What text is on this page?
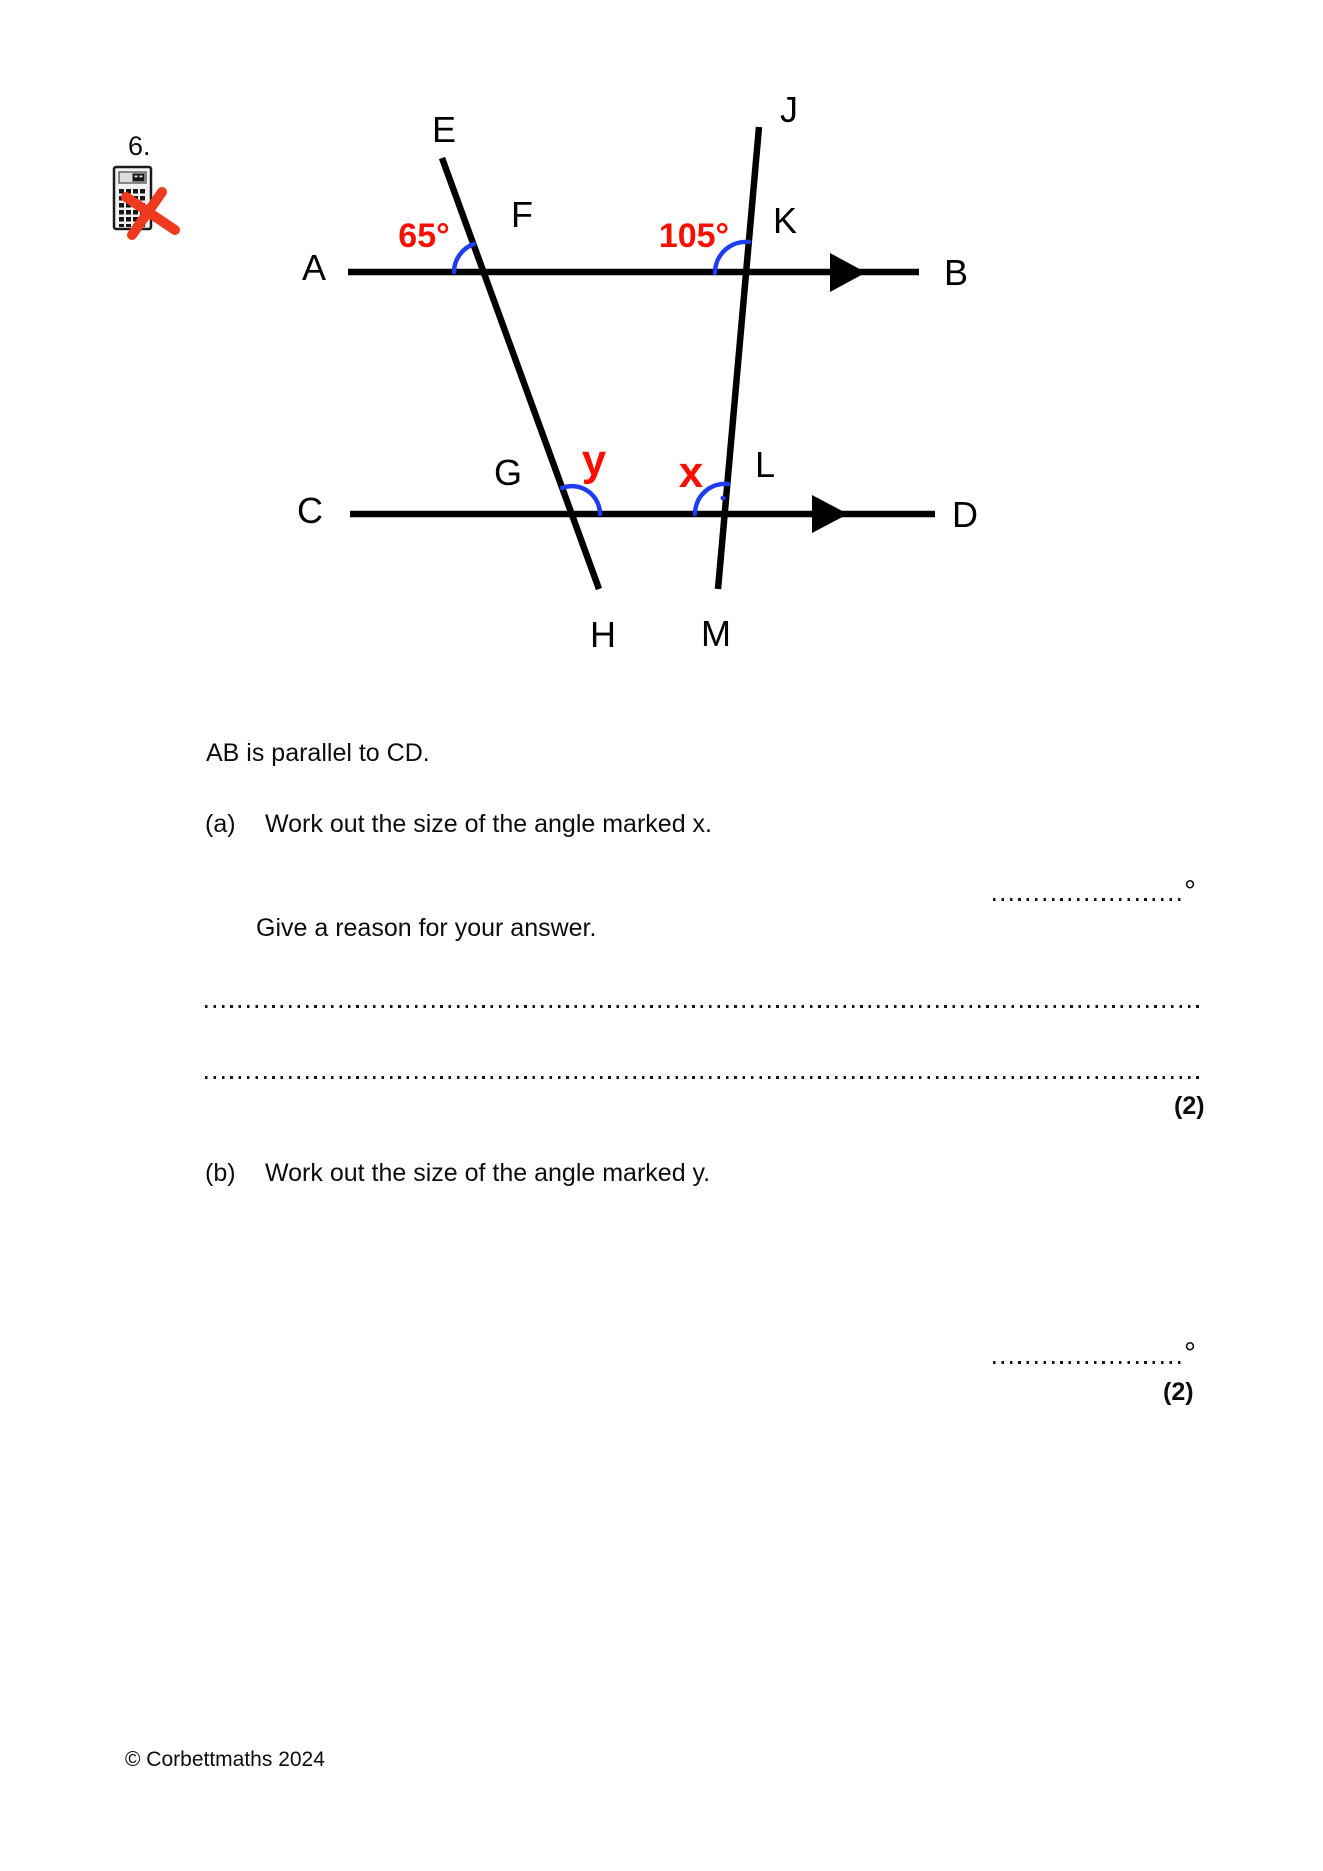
6.
A	B
C	D
E
F
G
H
J
K
L
M
65°	105°
y x
AB is parallel to CD.
(a) Work out the size of the angle marked x.
°
Give a reason for your answer.
(2)
(b) Work out the size of the angle marked y.
°
(2)
© Corbettmaths 2024
